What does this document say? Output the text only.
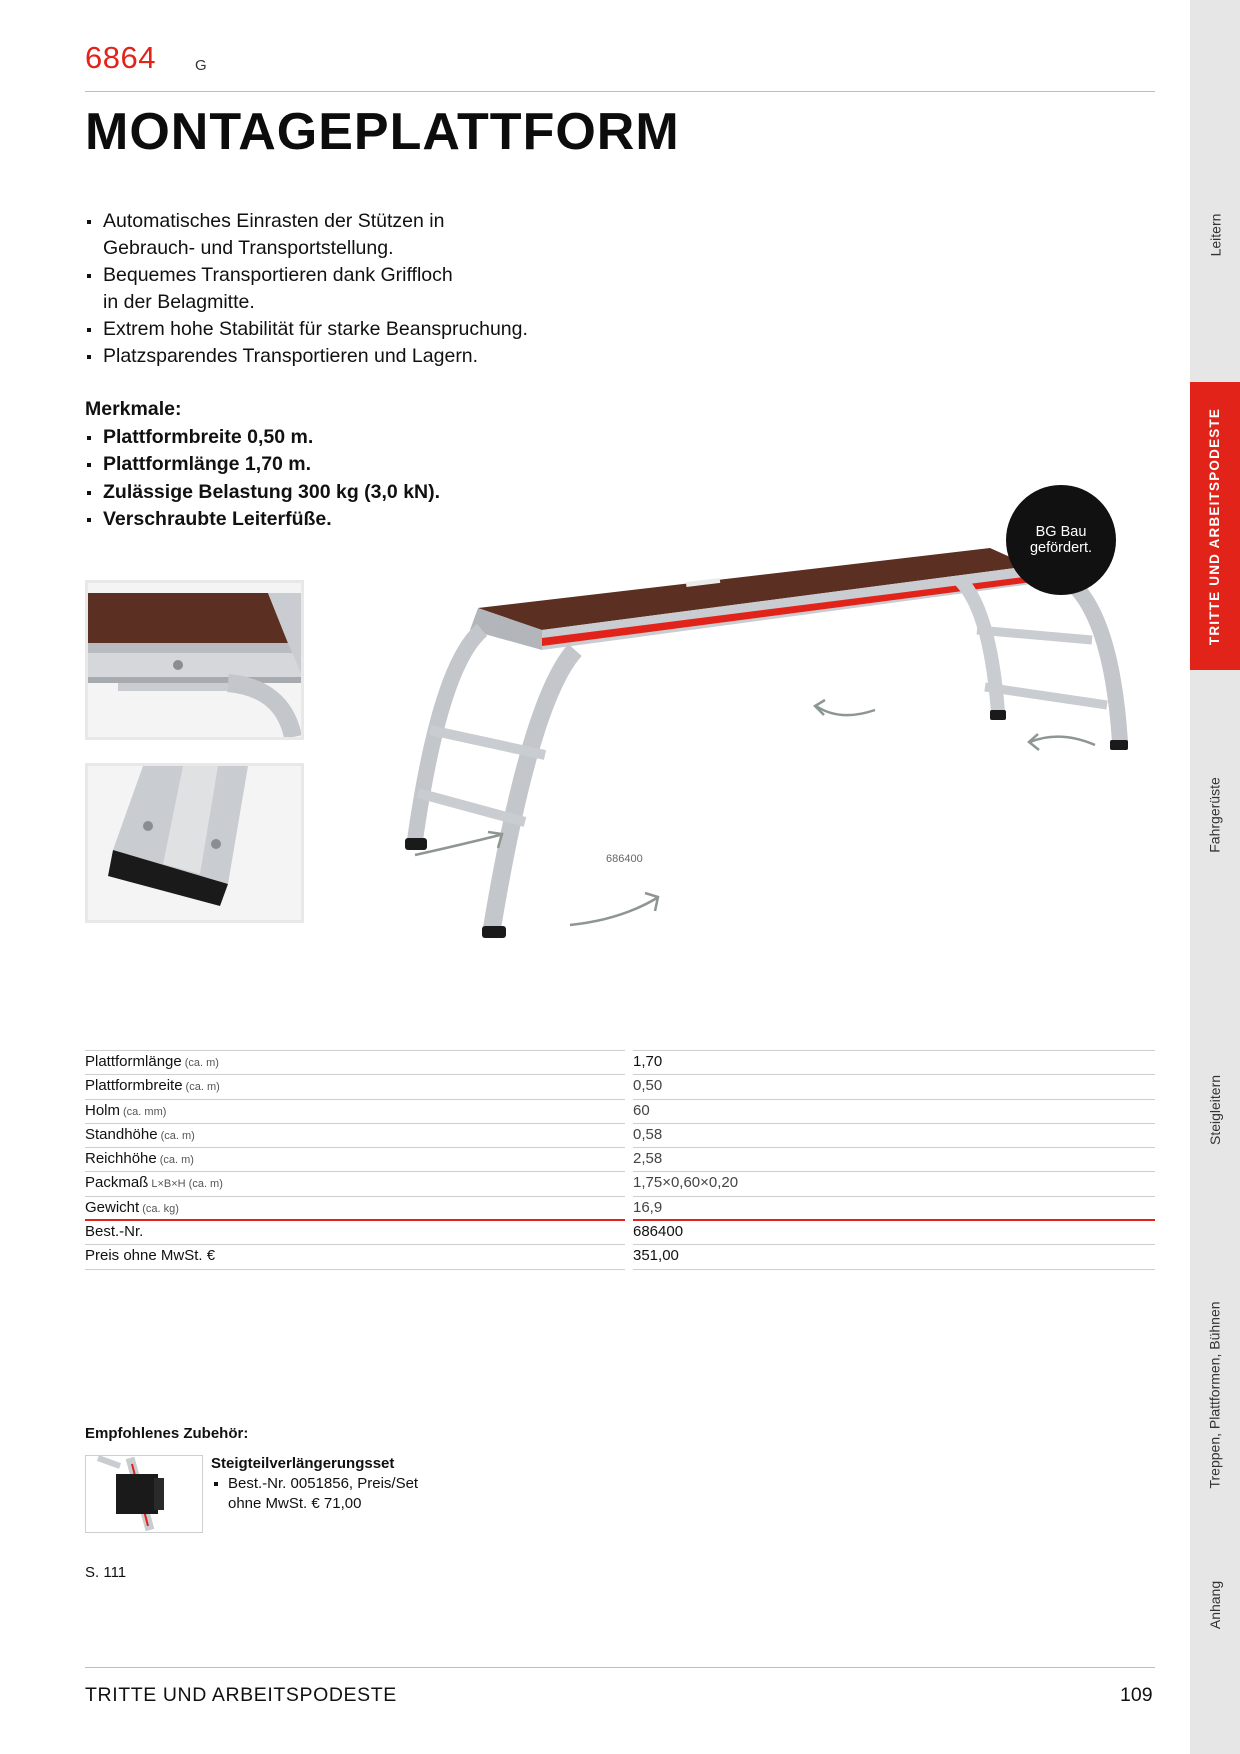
6864	G
MONTAGEPLATTFORM
Automatisches Einrasten der Stützen in
Gebrauch- und Transportstellung.
Bequemes Transportieren dank Griffloch
in der Belagmitte.
Extrem hohe Stabilität für starke Beanspruchung.
Platzsparendes Transportieren und Lagern.
Merkmale:
Plattformbreite 0,50 m.
Plattformlänge 1,70 m.
Zulässige Belastung 300 kg (3,0 kN).
Verschraubte Leiterfüße.
686400
BG Bau
gefördert.
Plattformlänge (ca. m)	1,70
Plattformbreite (ca. m)	0,50
Holm (ca. mm)	60
Standhöhe (ca. m)	0,58
Reichhöhe (ca. m)	2,58
Packmaß L×B×H (ca. m)	1,75×0,60×0,20
Gewicht (ca. kg)	16,9
Best.-Nr.	686400
Preis ohne MwSt. €	351,00
Empfohlenes Zubehör:
Steigteilverlängerungsset
Best.-Nr. 0051856, Preis/Set
ohne MwSt. € 71,00
S. 111
TRITTE UND ARBEITSPODESTE	109
Leitern
TRITTE UND ARBEITSPODESTE
Fahrgerüste
Steigleitern
Treppen, Plattformen, Bühnen
Anhang
